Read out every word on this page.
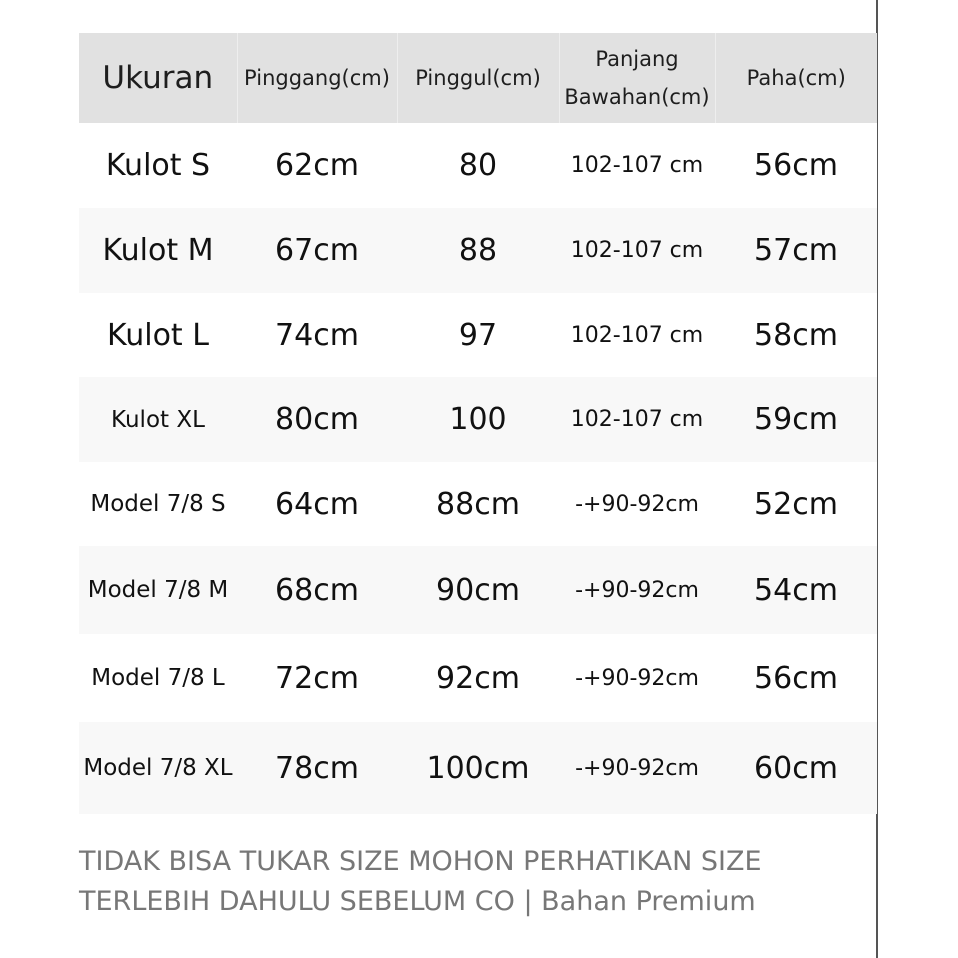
Ukuran	Pinggang(cm)	Pinggul(cm)	Panjang Bawahan(cm)	Paha(cm)
Kulot S	62cm	80	102-107 cm	56cm
Kulot M	67cm	88	102-107 cm	57cm
Kulot L	74cm	97	102-107 cm	58cm
Kulot XL	80cm	100	102-107 cm	59cm
Model 7/8 S	64cm	88cm	-+90-92cm	52cm
Model 7/8 M	68cm	90cm	-+90-92cm	54cm
Model 7/8 L	72cm	92cm	-+90-92cm	56cm
Model 7/8 XL	78cm	100cm	-+90-92cm	60cm

TIDAK BISA TUKAR SIZE MOHON PERHATIKAN SIZE TERLEBIH DAHULU SEBELUM CO | Bahan Premium
